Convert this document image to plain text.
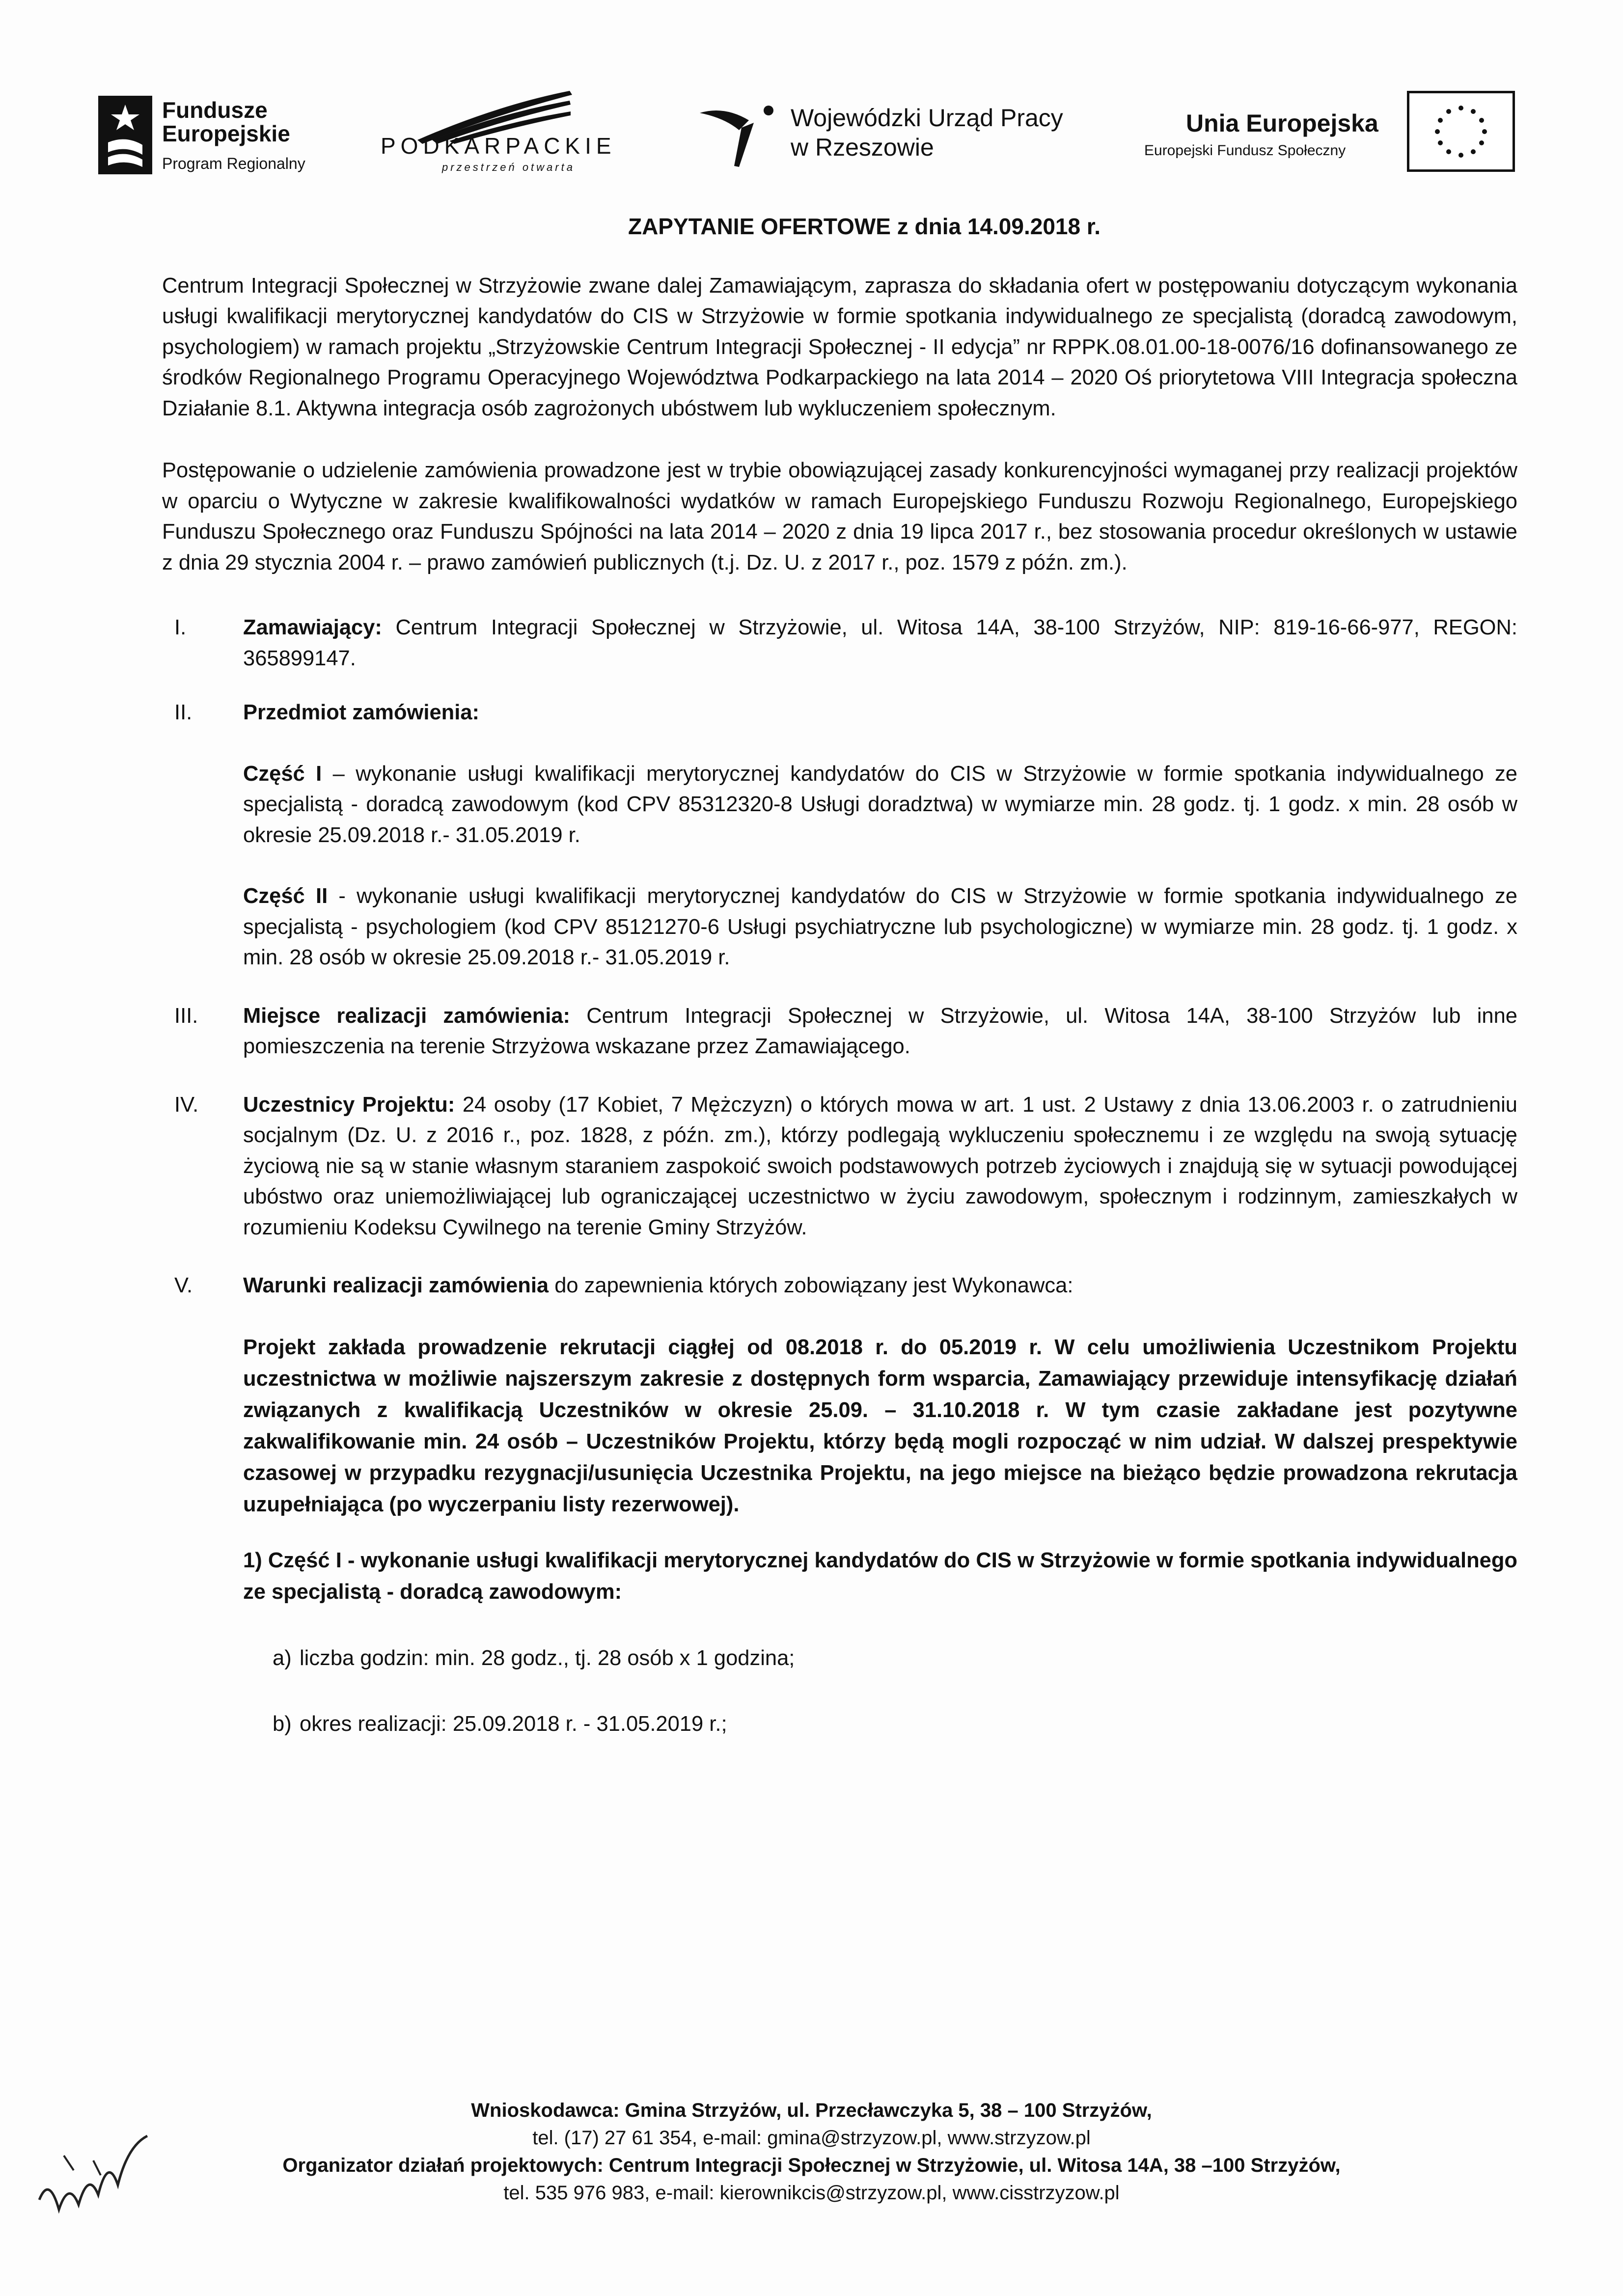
Fundusze
Europejskie
Program Regionalny
PODKARPACKIE
przestrzeń otwarta
Wojewódzki Urząd Pracy
w Rzeszowie
Unia Europejska
Europejski Fundusz Społeczny
ZAPYTANIE OFERTOWE z dnia 14.09.2018 r.

Centrum Integracji Społecznej w Strzyżowie zwane dalej Zamawiającym, zaprasza do składania ofert w postępowaniu dotyczącym wykonania usługi kwalifikacji merytorycznej kandydatów do CIS w Strzyżowie w formie spotkania indywidualnego ze specjalistą (doradcą zawodowym, psychologiem) w ramach projektu „Strzyżowskie Centrum Integracji Społecznej - II edycja” nr RPPK.08.01.00-18-0076/16 dofinansowanego ze środków Regionalnego Programu Operacyjnego Województwa Podkarpackiego na lata 2014 – 2020 Oś priorytetowa VIII Integracja społeczna Działanie 8.1. Aktywna integracja osób zagrożonych ubóstwem lub wykluczeniem społecznym.

Postępowanie o udzielenie zamówienia prowadzone jest w trybie obowiązującej zasady konkurencyjności wymaganej przy realizacji projektów w oparciu o Wytyczne w zakresie kwalifikowalności wydatków w ramach Europejskiego Funduszu Rozwoju Regionalnego, Europejskiego Funduszu Społecznego oraz Funduszu Spójności na lata 2014 – 2020 z dnia 19 lipca 2017 r., bez stosowania procedur określonych w ustawie z dnia 29 stycznia 2004 r. – prawo zamówień publicznych (t.j. Dz. U. z 2017 r., poz. 1579 z późn. zm.).

I.	Zamawiający: Centrum Integracji Społecznej w Strzyżowie, ul. Witosa 14A, 38-100 Strzyżów, NIP: 819-16-66-977, REGON: 365899147.
II.	Przedmiot zamówienia:
Część I – wykonanie usługi kwalifikacji merytorycznej kandydatów do CIS w Strzyżowie w formie spotkania indywidualnego ze specjalistą - doradcą zawodowym (kod CPV 85312320-8 Usługi doradztwa) w wymiarze min. 28 godz. tj. 1 godz. x min. 28 osób w okresie 25.09.2018 r.- 31.05.2019 r.
Część II - wykonanie usługi kwalifikacji merytorycznej kandydatów do CIS w Strzyżowie w formie spotkania indywidualnego ze specjalistą - psychologiem (kod CPV 85121270-6 Usługi psychiatryczne lub psychologiczne) w wymiarze min. 28 godz. tj. 1 godz. x min. 28 osób w okresie 25.09.2018 r.- 31.05.2019 r.
III.	Miejsce realizacji zamówienia: Centrum Integracji Społecznej w Strzyżowie, ul. Witosa 14A, 38-100 Strzyżów lub inne pomieszczenia na terenie Strzyżowa wskazane przez Zamawiającego.
IV.	Uczestnicy Projektu: 24 osoby (17 Kobiet, 7 Mężczyzn) o których mowa w art. 1 ust. 2 Ustawy z dnia 13.06.2003 r. o zatrudnieniu socjalnym (Dz. U. z 2016 r., poz. 1828, z późn. zm.), którzy podlegają wykluczeniu społecznemu i ze względu na swoją sytuację życiową nie są w stanie własnym staraniem zaspokoić swoich podstawowych potrzeb życiowych i znajdują się w sytuacji powodującej ubóstwo oraz uniemożliwiającej lub ograniczającej uczestnictwo w życiu zawodowym, społecznym i rodzinnym, zamieszkałych w rozumieniu Kodeksu Cywilnego na terenie Gminy Strzyżów.
V.	Warunki realizacji zamówienia do zapewnienia których zobowiązany jest Wykonawca:

Projekt zakłada prowadzenie rekrutacji ciągłej od 08.2018 r. do 05.2019 r. W celu umożliwienia Uczestnikom Projektu uczestnictwa w możliwie najszerszym zakresie z dostępnych form wsparcia, Zamawiający przewiduje intensyfikację działań związanych z kwalifikacją Uczestników w okresie 25.09. – 31.10.2018 r. W tym czasie zakładane jest pozytywne zakwalifikowanie min. 24 osób – Uczestników Projektu, którzy będą mogli rozpocząć w nim udział. W dalszej prespektywie czasowej w przypadku rezygnacji/usunięcia Uczestnika Projektu, na jego miejsce na bieżąco będzie prowadzona rekrutacja uzupełniająca (po wyczerpaniu listy rezerwowej).

1) Część I - wykonanie usługi kwalifikacji merytorycznej kandydatów do CIS w Strzyżowie w formie spotkania indywidualnego ze specjalistą - doradcą zawodowym:

a) liczba godzin: min. 28 godz., tj. 28 osób x 1 godzina;
b) okres realizacji: 25.09.2018 r. - 31.05.2019 r.;
Wnioskodawca: Gmina Strzyżów, ul. Przecławczyka 5, 38 – 100 Strzyżów,
tel. (17) 27 61 354, e-mail: gmina@strzyzow.pl, www.strzyzow.pl
Organizator działań projektowych: Centrum Integracji Społecznej w Strzyżowie, ul. Witosa 14A, 38 –100 Strzyżów,
tel. 535 976 983, e-mail: kierownikcis@strzyzow.pl, www.cisstrzyzow.pl
